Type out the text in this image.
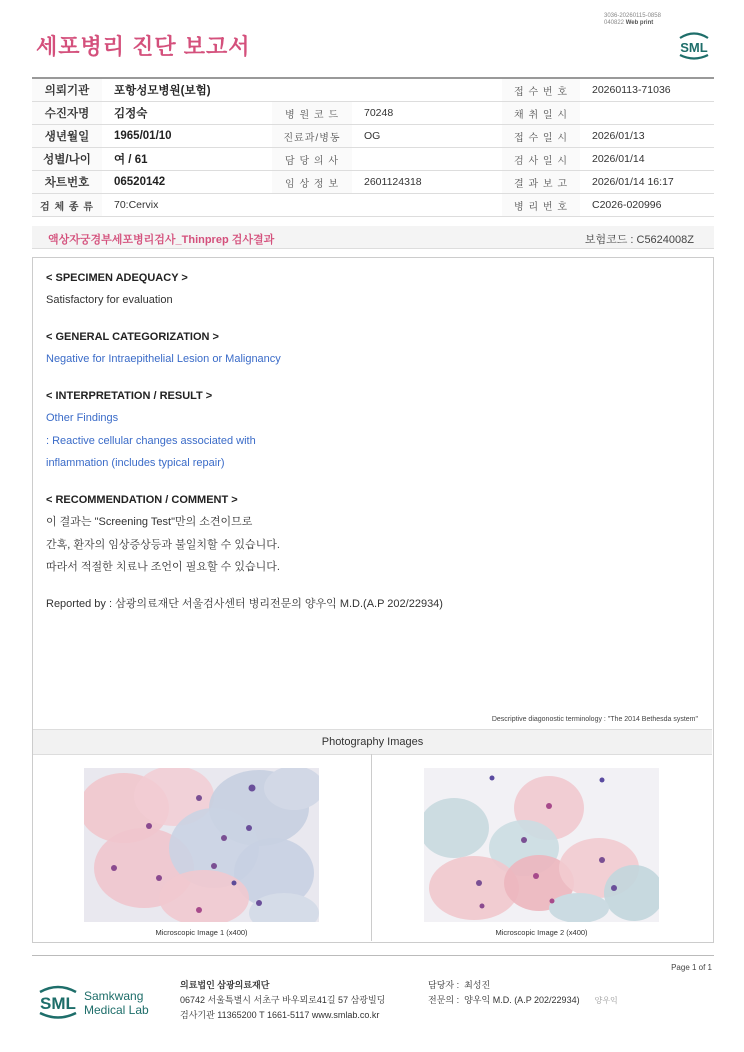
세포병리 진단 보고서
3036-20260115-0858
040822 Web print
SML
의뢰기관	포항성모병원(보험)			접 수 번 호	20260113-71036
수진자명	김정숙	병 원 코 드	70248	채 취 일 시	
생년월일	1965/01/10	진료과/병동	OG	접 수 일 시	2026/01/13
성별/나이	여 / 61	담 당 의 사		검 사 일 시	2026/01/14
차트번호	06520142	임 상 정 보	2601124318	결 과 보 고	2026/01/14 16:17
검 체 종 류	70:Cervix			병 리 번 호	C2026-020996
액상자궁경부세포병리검사_Thinprep 검사결과	보험코드 : C5624008Z
< SPECIMEN ADEQUACY >
Satisfactory for evaluation
< GENERAL CATEGORIZATION >
Negative for Intraepithelial Lesion or Malignancy
< INTERPRETATION / RESULT >
Other Findings
: Reactive cellular changes associated with
inflammation (includes typical repair)
< RECOMMENDATION / COMMENT >
이 결과는 "Screening Test"만의 소견이므로
간혹, 환자의 임상증상등과 불일치할 수 있습니다.
따라서 적절한 치료나 조언이 필요할 수 있습니다.
Reported by : 삼광의료재단 서울검사센터 병리전문의 양우익 M.D.(A.P 202/22934)
Descriptive diagonostic terminology : "The 2014 Bethesda system"
Photography Images
Microscopic Image 1 (x400)	Microscopic Image 2 (x400)
Page 1 of 1
SML Samkwang
Medical Lab
의료법인 삼광의료재단
06742 서울특별시 서초구 바우뫼로41길 57 삼광빌딩
검사기관 11365200 T 1661-5117 www.smlab.co.kr
담당자 : 최성진
전문의 : 양우익 M.D. (A.P 202/22934) 양우익
